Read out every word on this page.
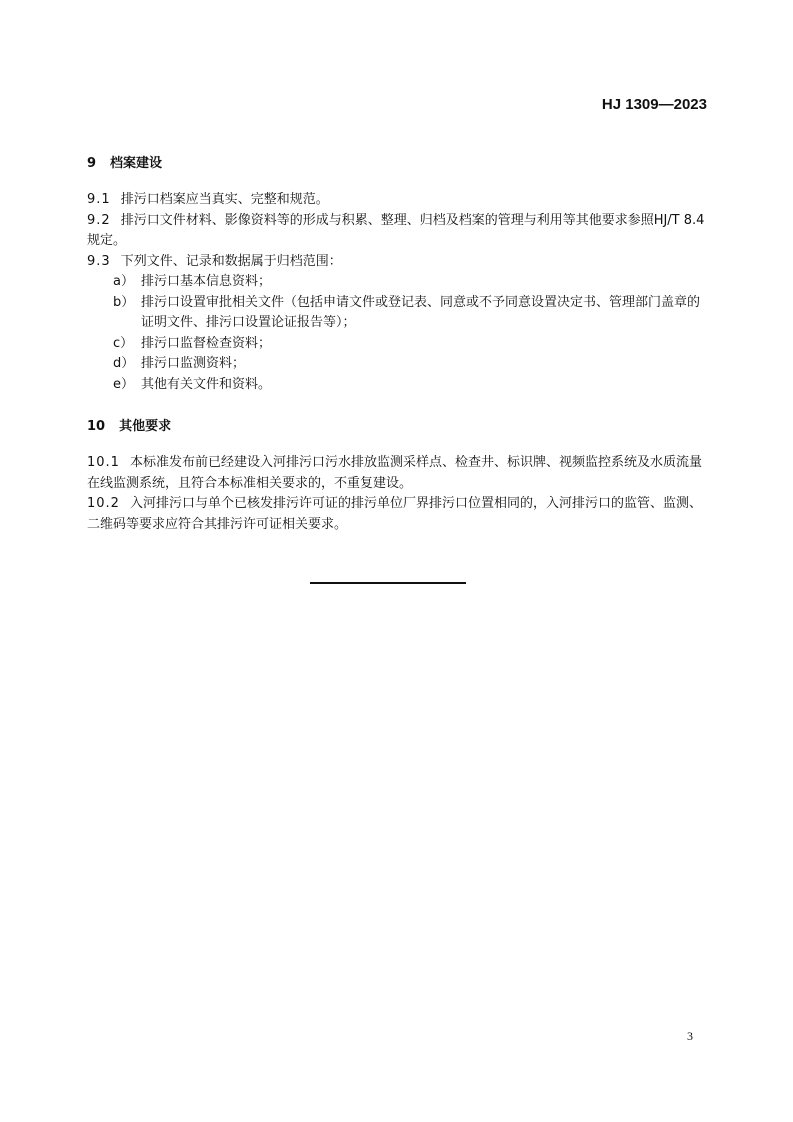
HJ 1309—2023
9 档案建设

9.1 排污口档案应当真实、完整和规范。

9.2 排污口文件材料、影像资料等的形成与积累、整理、归档及档案的管理与利用等其他要求参照HJ/T 8.4 规定。

9.3 下列文件、记录和数据属于归档范围：

a） 排污口基本信息资料；

b） 排污口设置审批相关文件（包括申请文件或登记表、同意或不予同意设置决定书、管理部门盖章的证明文件、排污口设置论证报告等）；

c） 排污口监督检查资料；

d） 排污口监测资料；

e） 其他有关文件和资料。

10 其他要求

10.1 本标准发布前已经建设入河排污口污水排放监测采样点、检查井、标识牌、视频监控系统及水质流量在线监测系统，且符合本标准相关要求的，不重复建设。

10.2 入河排污口与单个已核发排污许可证的排污单位厂界排污口位置相同的，入河排污口的监管、监测、二维码等要求应符合其排污许可证相关要求。

3
